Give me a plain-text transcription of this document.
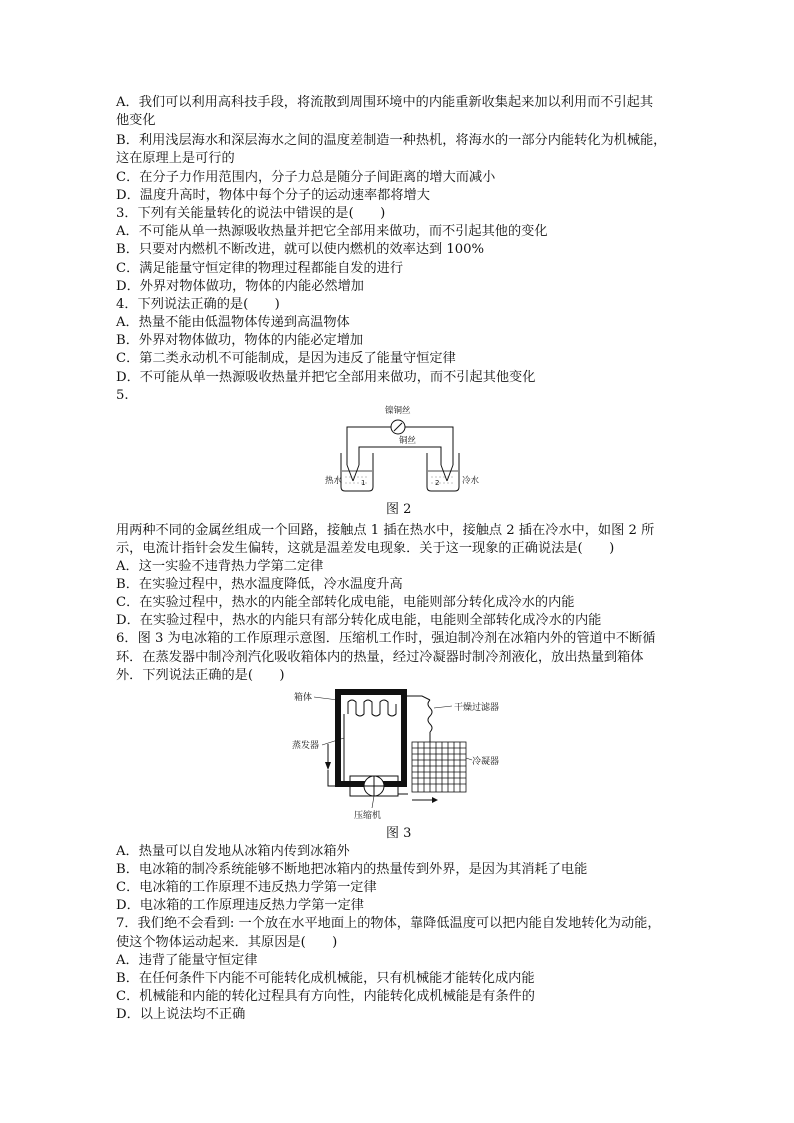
A．我们可以利用高科技手段，将流散到周围环境中的内能重新收集起来加以利用而不引起其
他变化
B．利用浅层海水和深层海水之间的温度差制造一种热机，将海水的一部分内能转化为机械能，
这在原理上是可行的
C．在分子力作用范围内，分子力总是随分子间距离的增大而减小
D．温度升高时，物体中每个分子的运动速率都将增大
3．下列有关能量转化的说法中错误的是(　　)
A．不可能从单一热源吸收热量并把它全部用来做功，而不引起其他的变化
B．只要对内燃机不断改进，就可以使内燃机的效率达到 100%
C．满足能量守恒定律的物理过程都能自发的进行
D．外界对物体做功，物体的内能必然增加
4．下列说法正确的是(　　)
A．热量不能由低温物体传递到高温物体
B．外界对物体做功，物体的内能必定增加
C．第二类永动机不可能制成，是因为违反了能量守恒定律
D．不可能从单一热源吸收热量并把它全部用来做功，而不引起其他变化
5.
镍铜丝
铜丝
热水	冷水
1	2
图 2
用两种不同的金属丝组成一个回路，接触点 1 插在热水中，接触点 2 插在冷水中，如图 2 所
示，电流计指针会发生偏转，这就是温差发电现象．关于这一现象的正确说法是(　　)
A．这一实验不违背热力学第二定律
B．在实验过程中，热水温度降低，冷水温度升高
C．在实验过程中，热水的内能全部转化成电能，电能则部分转化成冷水的内能
D．在实验过程中，热水的内能只有部分转化成电能，电能则全部转化成冷水的内能
6．图 3 为电冰箱的工作原理示意图．压缩机工作时，强迫制冷剂在冰箱内外的管道中不断循
环．在蒸发器中制冷剂汽化吸收箱体内的热量，经过冷凝器时制冷剂液化，放出热量到箱体
外．下列说法正确的是(　　)
箱体
蒸发器
压缩机
干燥过滤器
冷凝器
图 3
A．热量可以自发地从冰箱内传到冰箱外
B．电冰箱的制冷系统能够不断地把冰箱内的热量传到外界，是因为其消耗了电能
C．电冰箱的工作原理不违反热力学第一定律
D．电冰箱的工作原理违反热力学第一定律
7．我们绝不会看到: 一个放在水平地面上的物体，靠降低温度可以把内能自发地转化为动能，
使这个物体运动起来．其原因是(　　)
A．违背了能量守恒定律
B．在任何条件下内能不可能转化成机械能，只有机械能才能转化成内能
C．机械能和内能的转化过程具有方向性，内能转化成机械能是有条件的
D．以上说法均不正确
